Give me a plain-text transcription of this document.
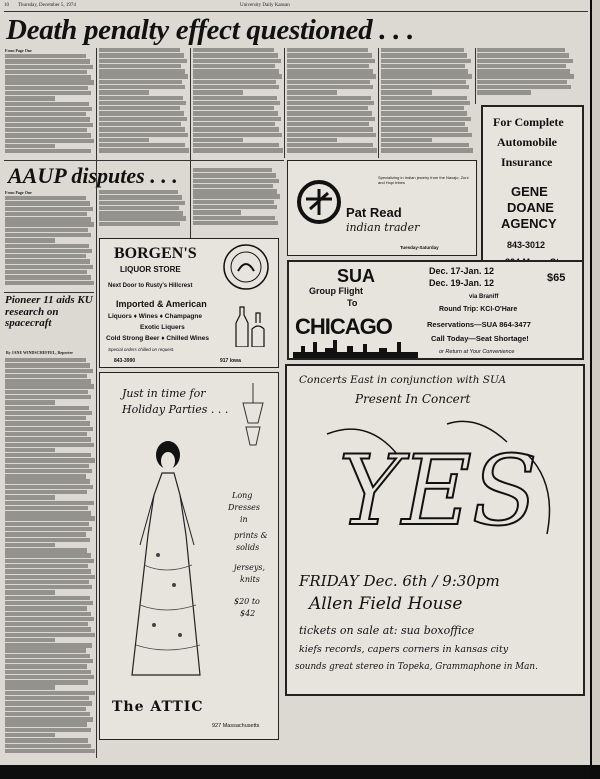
10 Thursday, December 5, 1974	University Daily Kansan
Death penalty effect questioned . . .
From Page One
For Complete
Automobile
Insurance
GENE
DOANE
AGENCY
843-3012
AAUP disputes . . .
From Page One
Pat Read
indian trader
Specializing in Indian jewelry from the Navajo, Zuni and Hopi tribes
Tuesday-Saturday
BORGEN'S
LIQUOR STORE
Next Door to Rusty's Hillcrest
Imported & American
Liquors ♦ Wines ♦ Champagne
Exotic Liquers
Cold Strong Beer ♦ Chilled Wines
Special orders chilled on request.
843-3990	917 Iowa
Pioneer 11 aids KU research on spacecraft
By JANE WINDSCHEFFEL, Reporter
SUA
Group Flight
To
CHICAGO
Dec. 17-Jan. 12
Dec. 19-Jan. 12	$65
via Braniff
Round Trip: KCI-O'Hare
Reservations—SUA 864-3477
Call Today—Seat Shortage!
or Return at Your Convenience
Just in time for
Holiday Parties . . .
Long
Dresses
in
prints &
solids
jerseys,
knits
$20 to
$42
The ATTIC
927 Massachusetts
Concerts East in conjunction with SUA
Present In Concert
YES
FRIDAY Dec. 6th / 9:30pm
Allen Field House
tickets on sale at: sua boxoffice
kiefs records, capers corners in kansas city
sounds great stereo in Topeka, Grammaphone in Man.
